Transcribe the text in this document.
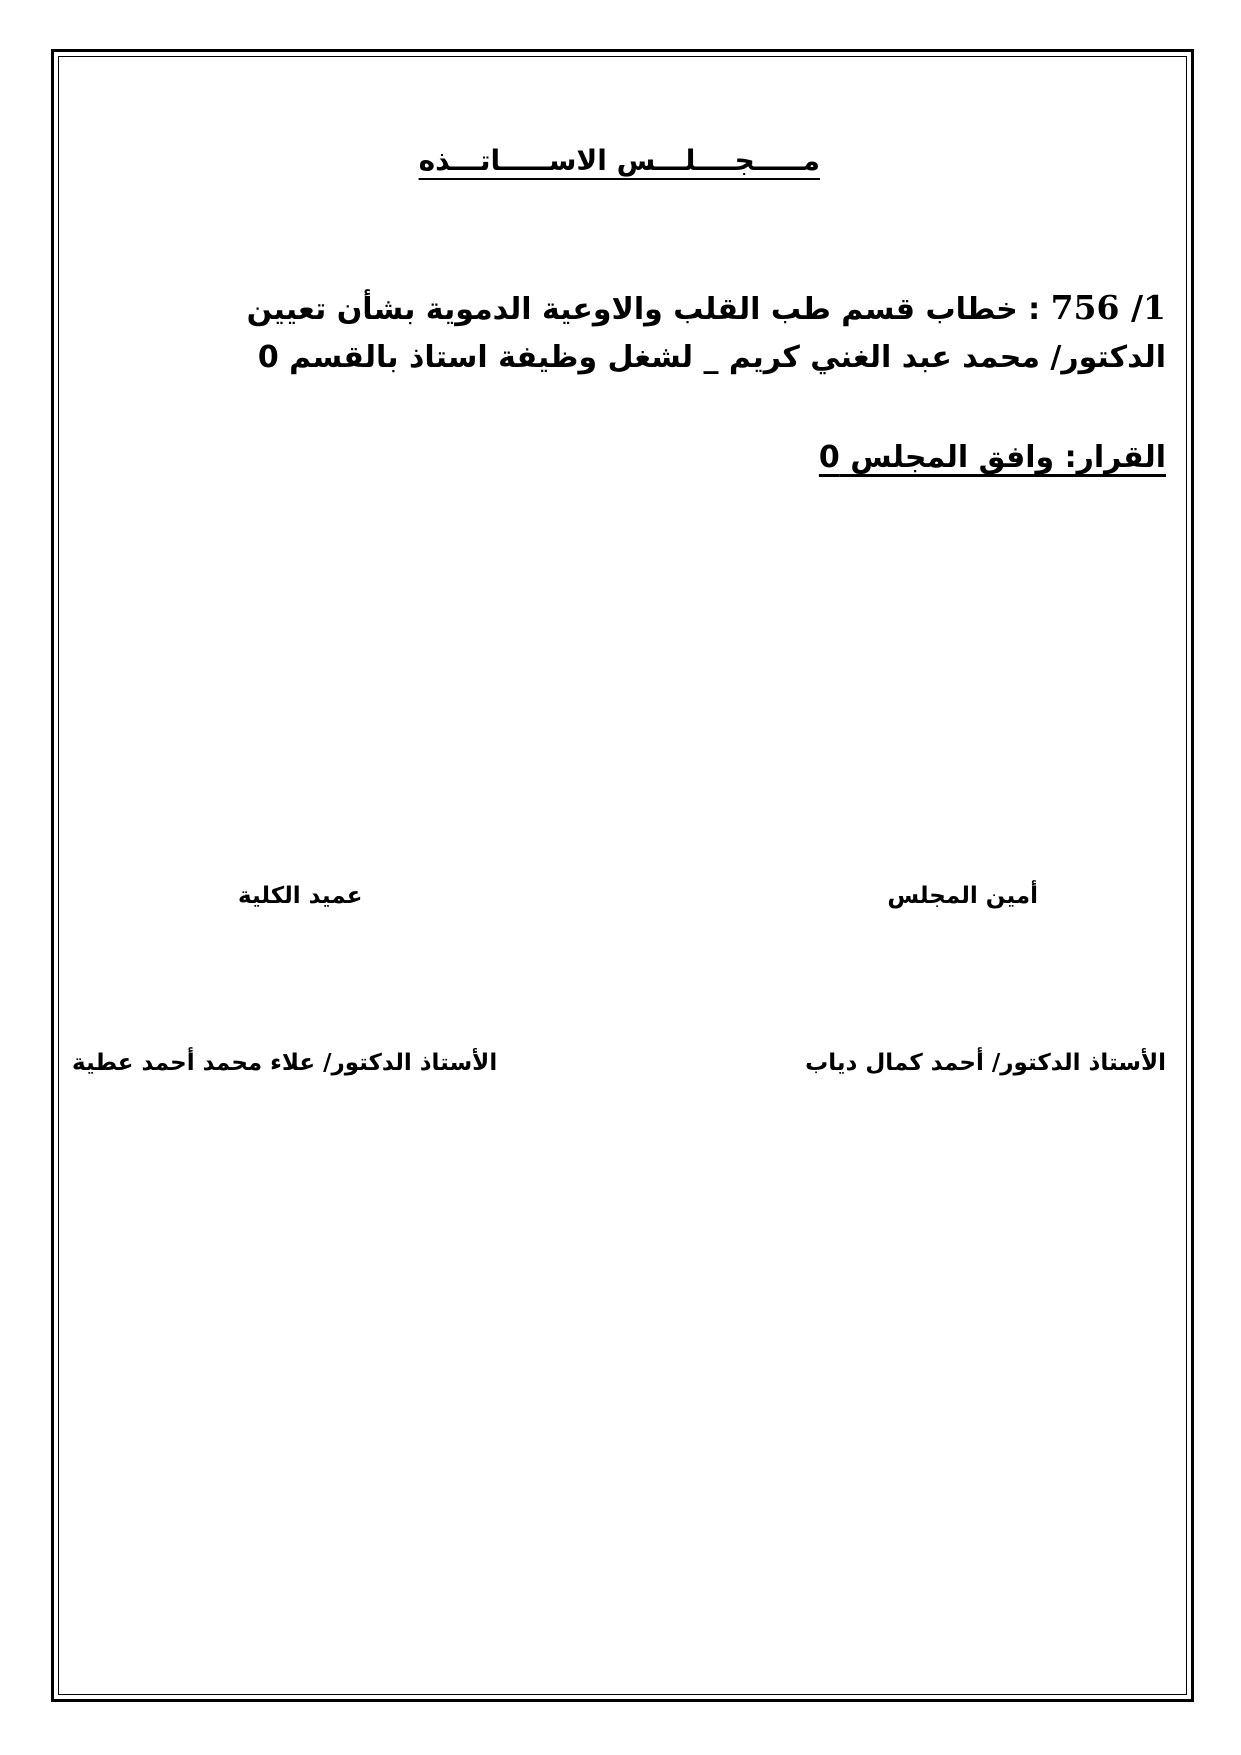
مـــــجــــلـــس الاســـــاتـــذه
1/ 756 : خطاب قسم طب القلب والاوعية الدموية بشأن تعيين
الدكتور/ محمد عبد الغني كريم _ لشغل وظيفة استاذ بالقسم 0
القرار: وافق المجلس 0
أمين المجلس
عميد الكلية
الأستاذ الدكتور/ أحمد كمال دياب
الأستاذ الدكتور/ علاء محمد أحمد عطية
